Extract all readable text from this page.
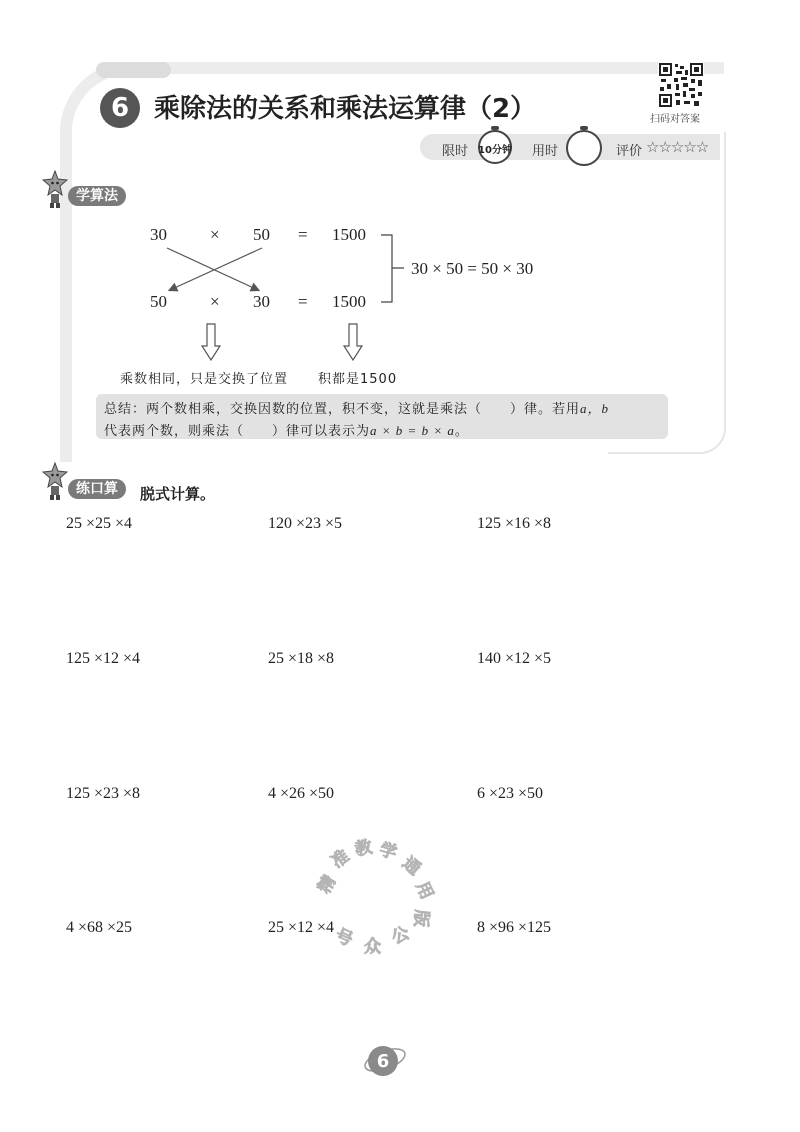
6 乘除法的关系和乘法运算律（2）	扫码对答案
限时 10分钟 用时	评价 ☆☆☆☆☆
学算法
30	× 50 = 1500
50	× 30 = 1500
30 × 50 = 50 × 30
乘数相同，只是交换了位置 积都是1500
总结：两个数相乘，交换因数的位置，积不变，这就是乘法（ ）律。若用a，b
代表两个数，则乘法（ ）律可以表示为a × b = b × a。
练口算	脱式计算。
25 ×25 ×4	120 ×23 ×5	125 ×16 ×8
125 ×12 ×4	25 ×18 ×8	140 ×12 ×5
125 ×23 ×8	4 ×26 ×50	6 ×23 ×50
4 ×68 ×25	25 ×12 ×4	8 ×96 ×125
精
准 教 学
通
用
版
公
众
号
6
